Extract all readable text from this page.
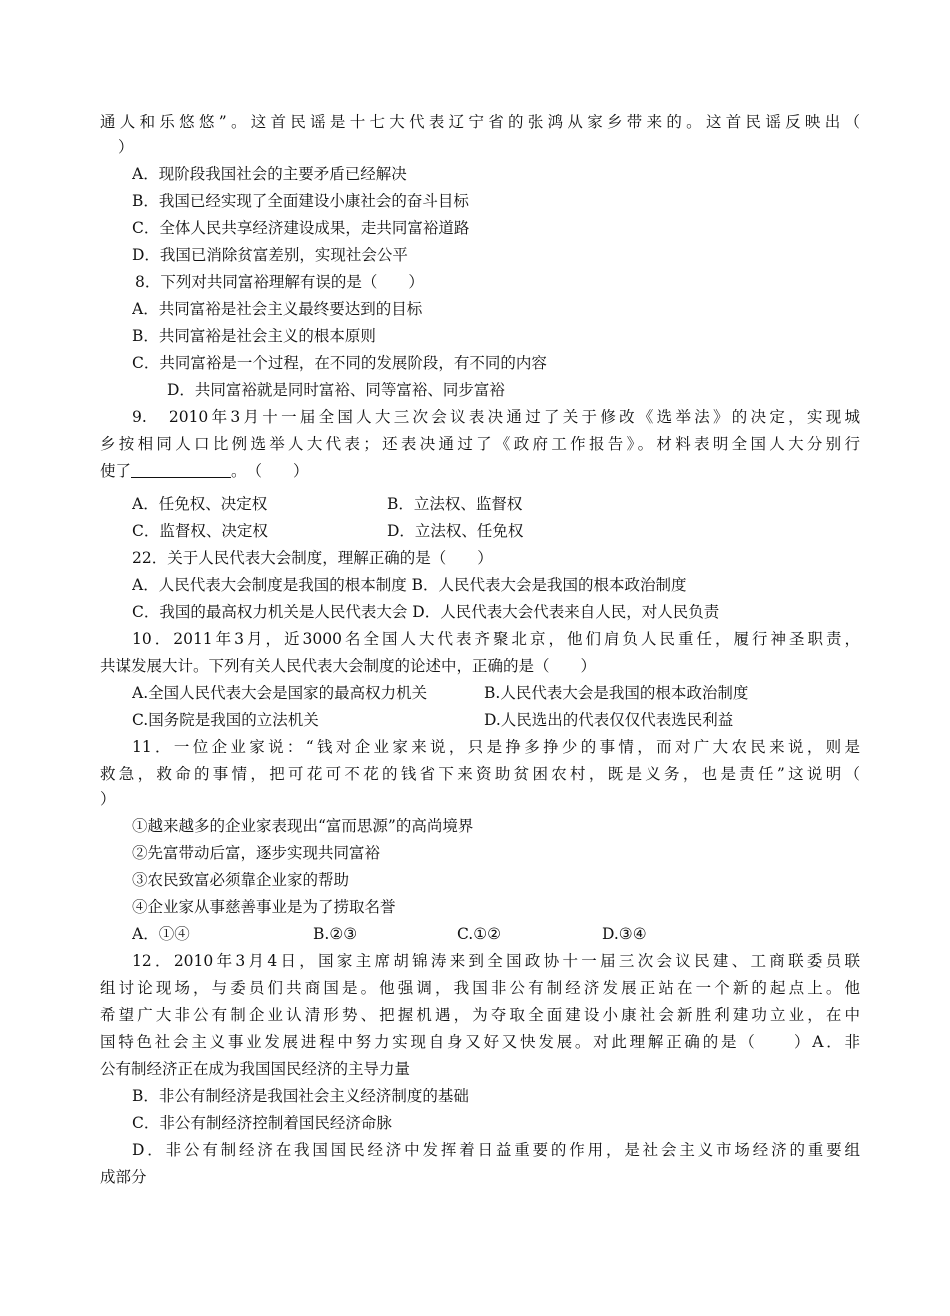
通人和乐悠悠”。这首民谣是十七大代表辽宁省的张鸿从家乡带来的。这首民谣反映出（
）
A．现阶段我国社会的主要矛盾已经解决
B．我国已经实现了全面建设小康社会的奋斗目标
C．全体人民共享经济建设成果，走共同富裕道路
D．我国已消除贫富差别，实现社会公平
8．下列对共同富裕理解有误的是（　　）
A．共同富裕是社会主义最终要达到的目标
B．共同富裕是社会主义的根本原则
C．共同富裕是一个过程，在不同的发展阶段，有不同的内容
D．共同富裕就是同时富裕、同等富裕、同步富裕
9.　2010年3月十一届全国人大三次会议表决通过了关于修改《选举法》的决定，实现城
乡按相同人口比例选举人大代表；还表决通过了《政府工作报告》。材料表明全国人大分别行
使了	。　（　　）
A．任免权、决定权	B．立法权、监督权
C．监督权、决定权	D．立法权、任免权
22．关于人民代表大会制度，理解正确的是（　　）
A．人民代表大会制度是我国的根本制度 B．人民代表大会是我国的根本政治制度
C．我国的最高权力机关是人民代表大会 D．人民代表大会代表来自人民，对人民负责
10．2011年3月，近3000名全国人大代表齐聚北京，他们肩负人民重任，履行神圣职责，
共谋发展大计。下列有关人民代表大会制度的论述中，正确的是（　　）
A.全国人民代表大会是国家的最高权力机关	B.人民代表大会是我国的根本政治制度
C.国务院是我国的立法机关	D.人民选出的代表仅仅代表选民利益
11．一位企业家说：“钱对企业家来说，只是挣多挣少的事情，而对广大农民来说，则是
救急，救命的事情，把可花可不花的钱省下来资助贫困农村，既是义务，也是责任”这说明（
）
①越来越多的企业家表现出“富而思源”的高尚境界
②先富带动后富，逐步实现共同富裕
③农民致富必须靠企业家的帮助
④企业家从事慈善事业是为了捞取名誉
A．①④	B.②③	C.①②	D.③④
12．2010年3月4日，国家主席胡锦涛来到全国政协十一届三次会议民建、工商联委员联
组讨论现场，与委员们共商国是。他强调，我国非公有制经济发展正站在一个新的起点上。他
希望广大非公有制企业认清形势、把握机遇，为夺取全面建设小康社会新胜利建功立业，在中
国特色社会主义事业发展进程中努力实现自身又好又快发展。对此理解正确的是（　　）A．非
公有制经济正在成为我国国民经济的主导力量
B．非公有制经济是我国社会主义经济制度的基础
C．非公有制经济控制着国民经济命脉
D．非公有制经济在我国国民经济中发挥着日益重要的作用，是社会主义市场经济的重要组
成部分
